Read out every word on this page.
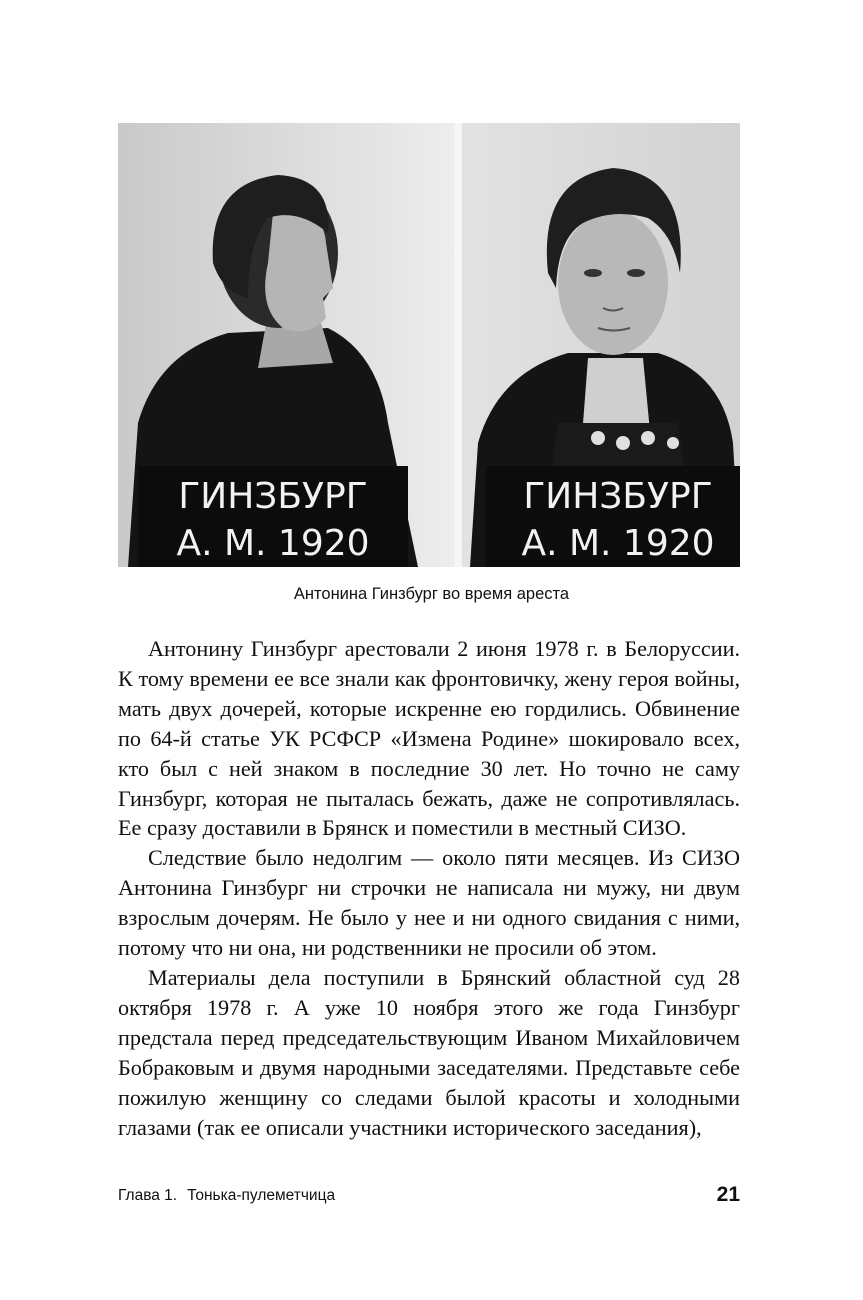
ГИНЗБУРГ
А. М. 1920
ГИНЗБУРГ
А. М. 1920
Антонина Гинзбург во время ареста

Антонину Гинзбург арестовали 2 июня 1978 г. в Белоруссии. К тому времени ее все знали как фронтовичку, жену героя войны, мать двух дочерей, которые искренне ею гордились. Обвинение по 64-й статье УК РСФСР «Измена Родине» шокировало всех, кто был с ней знаком в последние 30 лет. Но точно не саму Гинзбург, которая не пыталась бежать, даже не сопротивлялась. Ее сразу доставили в Брянск и поместили в местный СИЗО.

Следствие было недолгим — около пяти месяцев. Из СИЗО Антонина Гинзбург ни строчки не написала ни мужу, ни двум взрослым дочерям. Не было у нее и ни одного свидания с ними, потому что ни она, ни родственники не просили об этом.

Материалы дела поступили в Брянский областной суд 28 октября 1978 г. А уже 10 ноября этого же года Гинзбург предстала перед председательствующим Иваном Михайловичем Бобраковым и двумя народными заседателями. Представьте себе пожилую женщину со следами былой красоты и холодными глазами (так ее описали участники исторического заседания),

Глава 1. Тонька-пулеметчица	21
